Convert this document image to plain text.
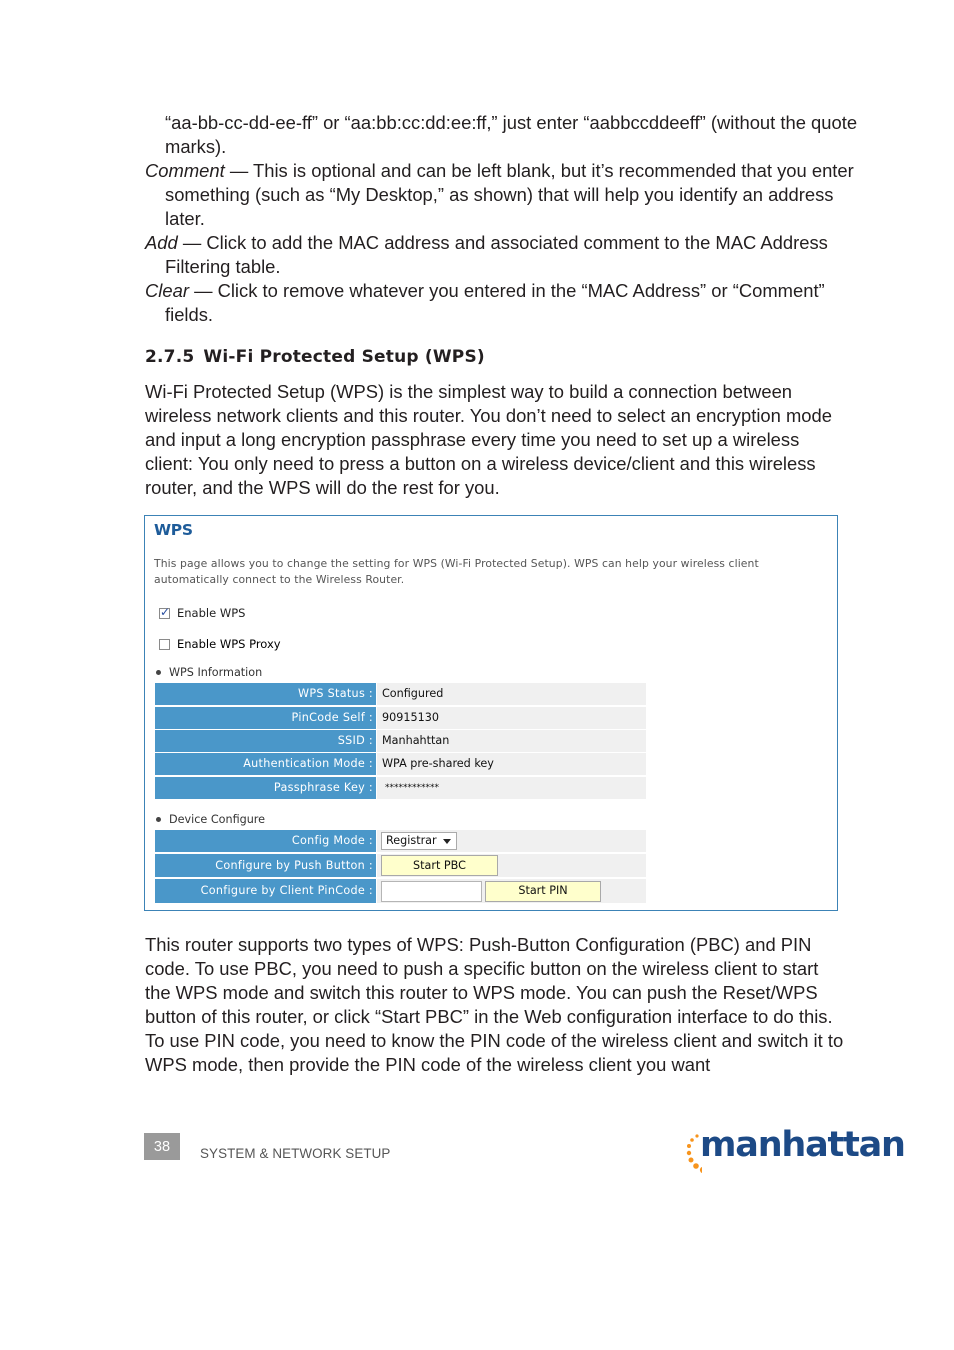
“aa-bb-cc-dd-ee-ff” or “aa:bb:cc:dd:ee:ff,” just enter “aabbccddeeff” (without the quote marks).

Comment — This is optional and can be left blank, but it’s recommended that you enter something (such as “My Desktop,” as shown) that will help you identify an address later.

Add — Click to add the MAC address and associated comment to the MAC Address Filtering table.

Clear — Click to remove whatever you entered in the “MAC Address” or “Comment” fields.

2.7.5 Wi-Fi Protected Setup (WPS)

Wi-Fi Protected Setup (WPS) is the simplest way to build a connection between wireless network clients and this router. You don’t need to select an encryption mode and input a long encryption passphrase every time you need to set up a wireless client: You only need to press a button on a wireless device/client and this wireless router, and the WPS will do the rest for you.

WPS

This page allows you to change the setting for WPS (Wi-Fi Protected Setup). WPS can help your wireless client automatically connect to the Wireless Router.

✓
Enable WPS
Enable WPS Proxy
WPS Information
WPS Status : Configured
PinCode Self : 90915130
SSID : Manhahttan
Authentication Mode : WPA pre-shared key
Passphrase Key :	************
Device Configure
Config Mode : Registrar
Configure by Push Button :	Start PBC
Configure by Client PinCode :	Start PIN

This router supports two types of WPS: Push-Button Configuration (PBC) and PIN code. To use PBC, you need to push a specific button on the wireless client to start the WPS mode and switch this router to WPS mode. You can push the Reset/WPS button of this router, or click “Start PBC” in the Web configuration interface to do this. To use PIN code, you need to know the PIN code of the wireless client and switch it to WPS mode, then provide the PIN code of the wireless client you want

38	SYSTEM & NETWORK SETUP	manhattan
